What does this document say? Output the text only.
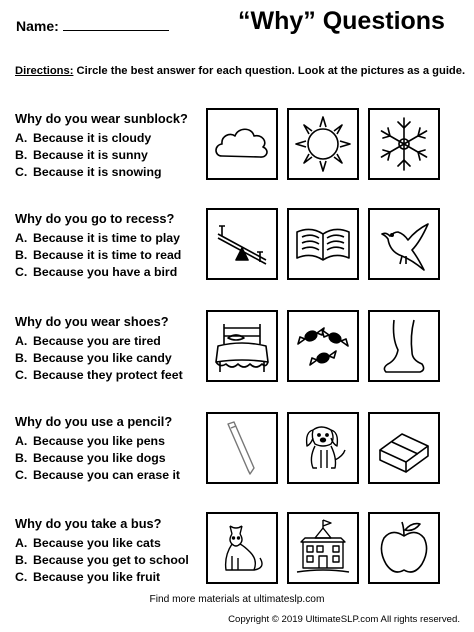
Name:	“Why” Questions
Directions: Circle the best answer for each question. Look at the pictures as a guide.
Why do you wear sunblock?
A. Because it is cloudy
B. Because it is sunny
C. Because it is snowing
Why do you go to recess?
A. Because it is time to play
B. Because it is time to read
C. Because you have a bird
Why do you wear shoes?
A. Because you are tired
B. Because you like candy
C. Because they protect feet
Why do you use a pencil?
A. Because you like pens
B. Because you like dogs
C. Because you can erase it
Why do you take a bus?
A. Because you like cats
B. Because you get to school
C. Because you like fruit
Find more materials at ultimateslp.com
Copyright © 2019 UltimateSLP.com All rights reserved.
